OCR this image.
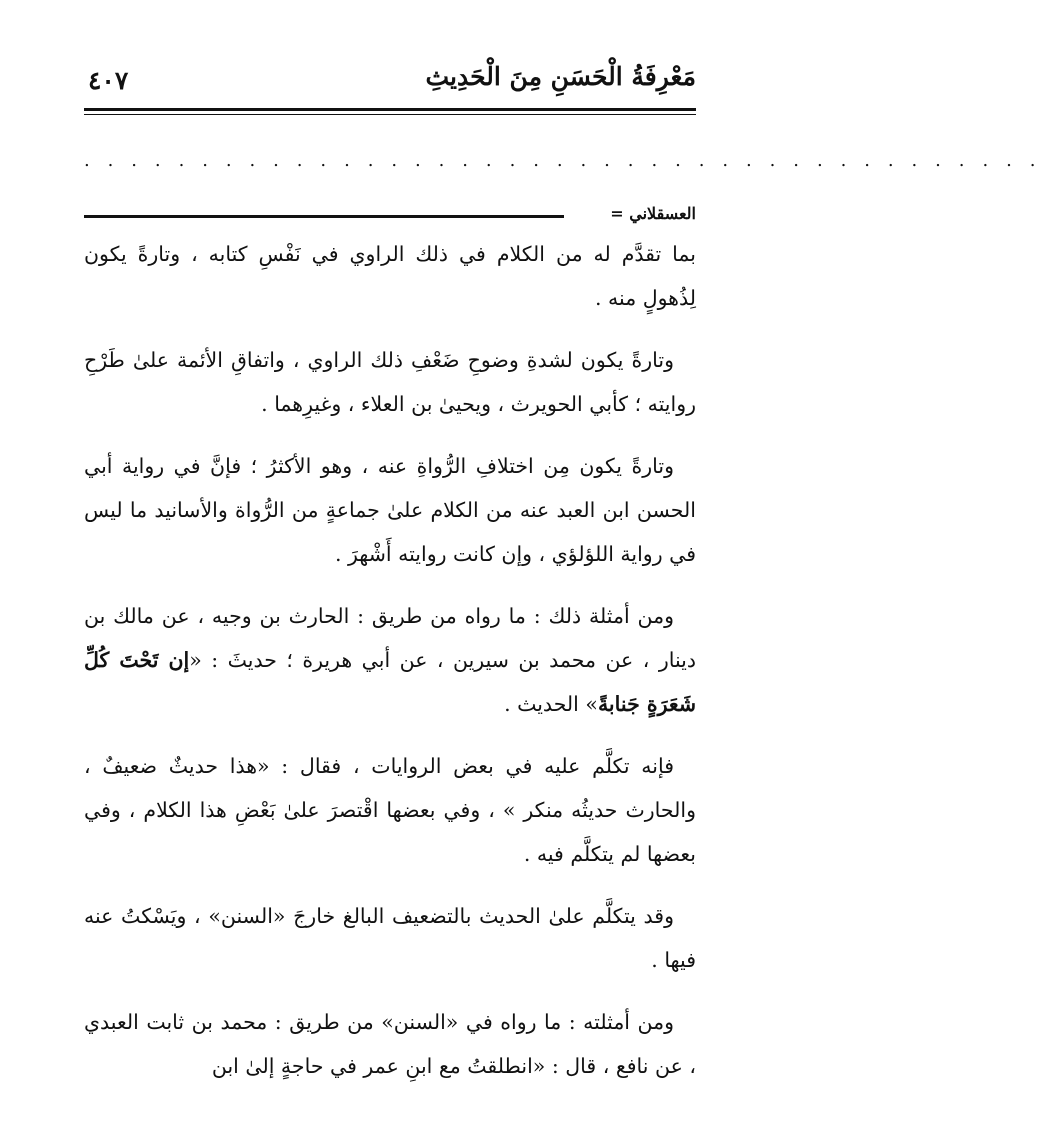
مَعْرِفَةُ الْحَسَنِ مِنَ الْحَدِيثِ
٤٠٧
. . . . . . . . . . . . . . . . . . . . . . . . . . . . . . . . . . . . . . . . .
العسقلاني =

بما تقدَّم له من الكلام في ذلك الراوي في نَفْسِ كتابه ، وتارةً يكون لِذُهولٍ منه .

وتارةً يكون لشدةِ وضوحِ ضَعْفِ ذلك الراوي ، واتفاقِ الأئمة علىٰ طَرْحِ روايته ؛ كأبي الحويرث ، ويحيىٰ بن العلاء ، وغيرِهما .

وتارةً يكون مِن اختلافِ الرُّواةِ عنه ، وهو الأكثرُ ؛ فإنَّ في رواية أبي الحسن ابن العبد عنه من الكلام علىٰ جماعةٍ من الرُّواة والأسانيد ما ليس في رواية اللؤلؤي ، وإن كانت روايته أَشْهرَ .

ومن أمثلة ذلك : ما رواه من طريق : الحارث بن وجيه ، عن مالك بن دينار ، عن محمد بن سيرين ، عن أبي هريرة ؛ حديثَ : «إن تَحْتَ كُلِّ شَعَرَةٍ جَنابةً» الحديث .

فإنه تكلَّم عليه في بعض الروايات ، فقال : «هذا حديثٌ ضعيفٌ ، والحارث حديثُه منكر » ، وفي بعضها اقْتصرَ علىٰ بَعْضِ هذا الكلام ، وفي بعضها لم يتكلَّم فيه .

وقد يتكلَّم علىٰ الحديث بالتضعيف البالغ خارجَ «السنن» ، ويَسْكتُ عنه فيها .

ومن أمثلته : ما رواه في «السنن» من طريق : محمد بن ثابت العبدي ، عن نافع ، قال : «انطلقتُ مع ابنِ عمر في حاجةٍ إلىٰ ابن
